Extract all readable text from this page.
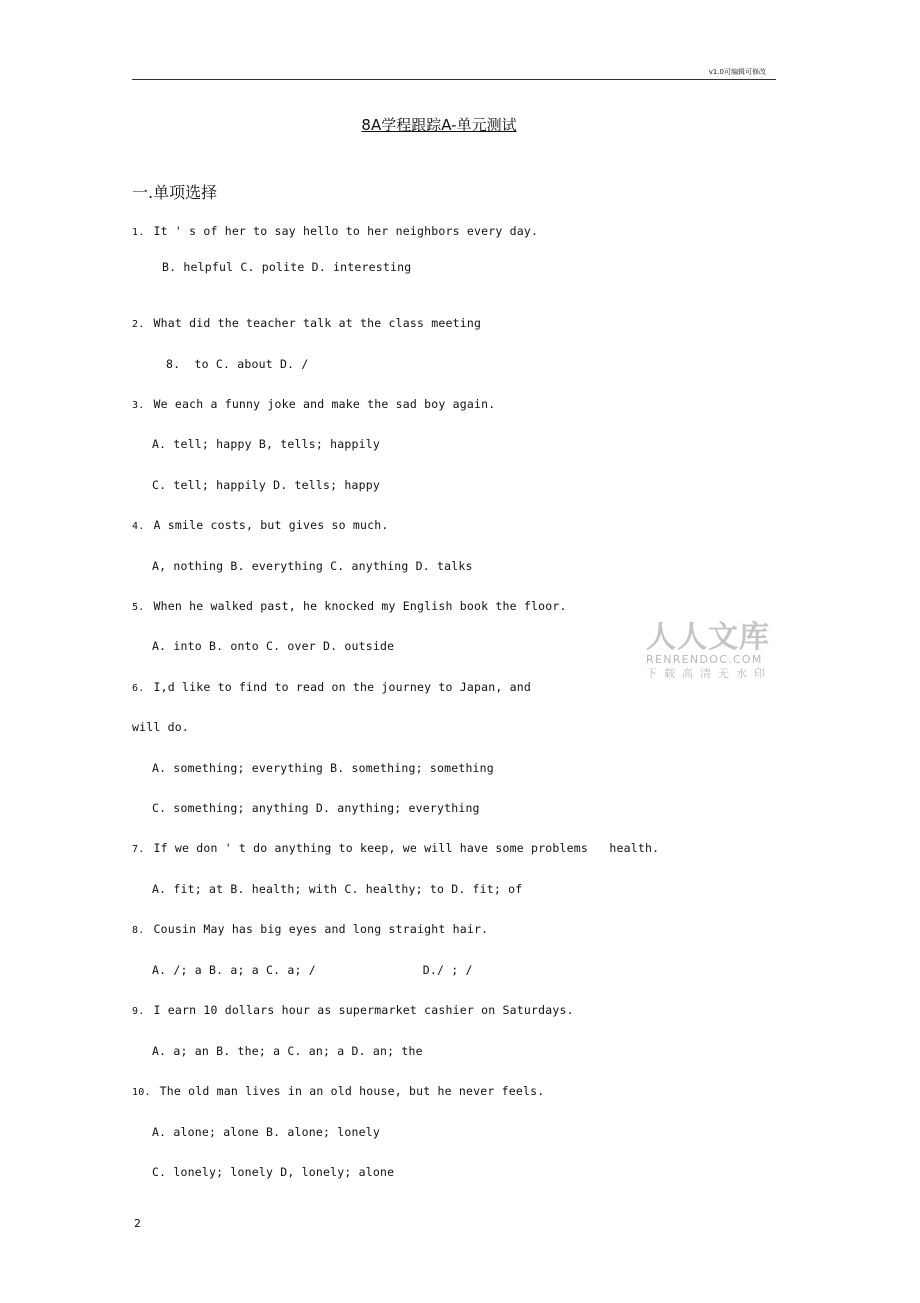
v1.0可编辑可修改
8A学程跟踪A-单元测试
一.单项选择
1. It ' s of her to say hello to her neighbors every day.
B. helpful C. polite D. interesting
2. What did the teacher talk at the class meeting
8.  to C. about D. /
3. We each a funny joke and make the sad boy again.
A. tell; happy B, tells; happily
C. tell; happily D. tells; happy
4. A smile costs, but gives so much.
A, nothing B. everything C. anything D. talks
5. When he walked past, he knocked my English book the floor.
A. into B. onto C. over D. outside
6. I,d like to find to read on the journey to Japan, and
will do.
A. something; everything B. something; something
C. something; anything D. anything; everything
7. If we don ' t do anything to keep, we will have some problems   health.
A. fit; at B. health; with C. healthy; to D. fit; of
8. Cousin May has big eyes and long straight hair.
A. /; a B. a; a C. a; /               D./ ; /
9. I earn 10 dollars hour as supermarket cashier on Saturdays.
A. a; an B. the; a C. an; a D. an; the
10. The old man lives in an old house, but he never feels.
A. alone; alone B. alone; lonely
C. lonely; lonely D, lonely; alone
人人文库
RENRENDOC.COM
下载高清无水印
2
